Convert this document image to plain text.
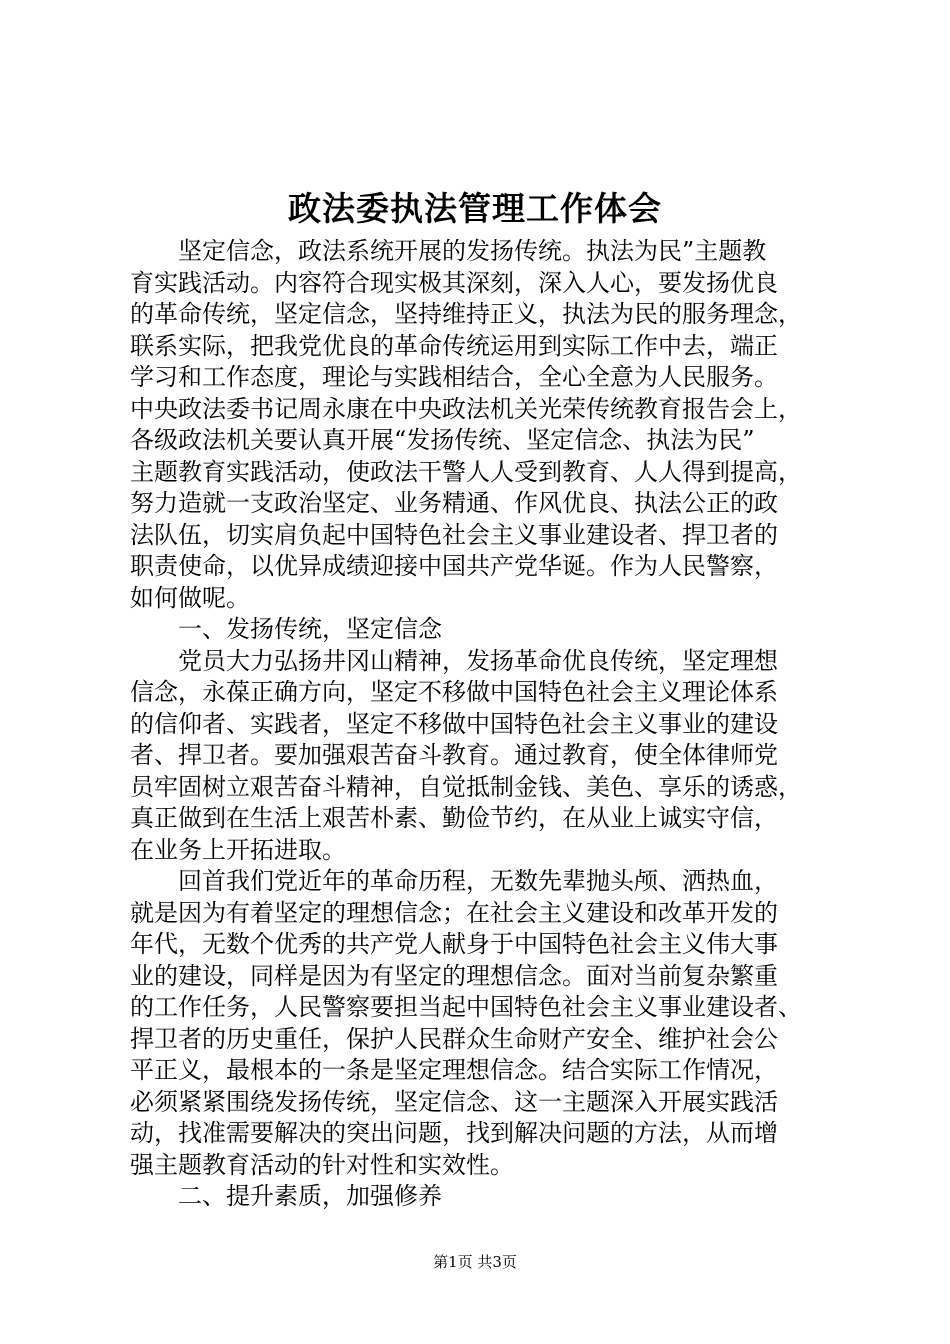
政法委执法管理工作体会
　　坚定信念，政法系统开展的发扬传统。执法为民”主题教
育实践活动。内容符合现实极其深刻，深入人心，要发扬优良
的革命传统，坚定信念，坚持维持正义，执法为民的服务理念，
联系实际，把我党优良的革命传统运用到实际工作中去，端正
学习和工作态度，理论与实践相结合，全心全意为人民服务。
中央政法委书记周永康在中央政法机关光荣传统教育报告会上，
各级政法机关要认真开展“发扬传统、坚定信念、执法为民”
主题教育实践活动，使政法干警人人受到教育、人人得到提高，
努力造就一支政治坚定、业务精通、作风优良、执法公正的政
法队伍，切实肩负起中国特色社会主义事业建设者、捍卫者的
职责使命，以优异成绩迎接中国共产党华诞。作为人民警察，
如何做呢。
　　一、发扬传统，坚定信念
　　党员大力弘扬井冈山精神，发扬革命优良传统，坚定理想
信念，永葆正确方向，坚定不移做中国特色社会主义理论体系
的信仰者、实践者，坚定不移做中国特色社会主义事业的建设
者、捍卫者。要加强艰苦奋斗教育。通过教育，使全体律师党
员牢固树立艰苦奋斗精神，自觉抵制金钱、美色、享乐的诱惑，
真正做到在生活上艰苦朴素、勤俭节约，在从业上诚实守信，
在业务上开拓进取。
　　回首我们党近年的革命历程，无数先辈抛头颅、洒热血，
就是因为有着坚定的理想信念；在社会主义建设和改革开发的
年代，无数个优秀的共产党人献身于中国特色社会主义伟大事
业的建设，同样是因为有坚定的理想信念。面对当前复杂繁重
的工作任务，人民警察要担当起中国特色社会主义事业建设者、
捍卫者的历史重任，保护人民群众生命财产安全、维护社会公
平正义，最根本的一条是坚定理想信念。结合实际工作情况，
必须紧紧围绕发扬传统，坚定信念、这一主题深入开展实践活
动，找准需要解决的突出问题，找到解决问题的方法，从而增
强主题教育活动的针对性和实效性。
　　二、提升素质，加强修养
第1页 共3页
